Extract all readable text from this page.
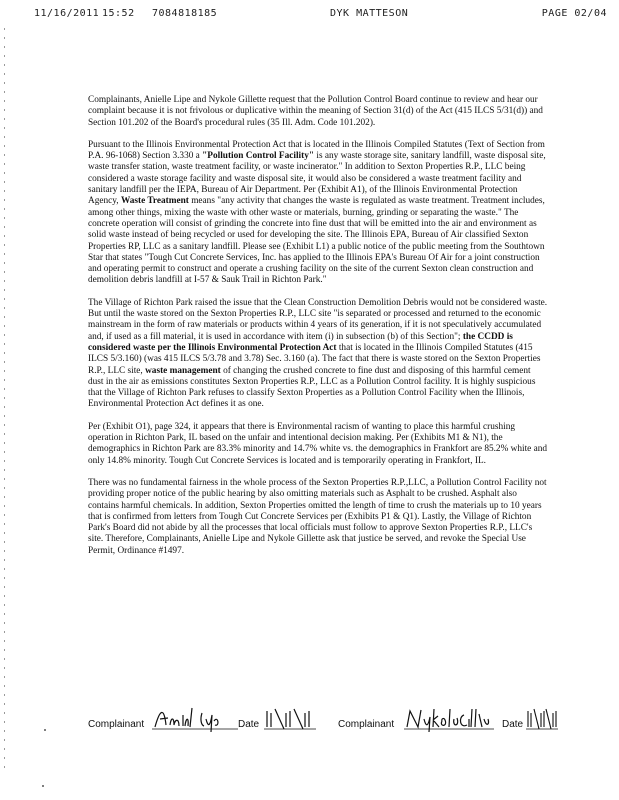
11/16/2011 15:52 7084818185	DYK MATTESON	PAGE 02/04

Complainants, Anielle Lipe and Nykole Gillette request that the Pollution Control Board continue to review and hear our complaint because it is not frivolous or duplicative within the meaning of Section 31(d) of the Act (415 ILCS 5/31(d)) and Section 101.202 of the Board's procedural rules (35 Ill. Adm. Code 101.202).

Pursuant to the Illinois Environmental Protection Act that is located in the Illinois Compiled Statutes (Text of Section from P.A. 96-1068) Section 3.330 a "Pollution Control Facility" is any waste storage site, sanitary landfill, waste disposal site, waste transfer station, waste treatment facility, or waste incinerator." In addition to Sexton Properties R.P., LLC being considered a waste storage facility and waste disposal site, it would also be considered a waste treatment facility and sanitary landfill per the IEPA, Bureau of Air Department. Per (Exhibit A1), of the Illinois Environmental Protection Agency, Waste Treatment means "any activity that changes the waste is regulated as waste treatment. Treatment includes, among other things, mixing the waste with other waste or materials, burning, grinding or separating the waste." The concrete operation will consist of grinding the concrete into fine dust that will be emitted into the air and environment as solid waste instead of being recycled or used for developing the site. The Illinois EPA, Bureau of Air classified Sexton Properties RP, LLC as a sanitary landfill. Please see (Exhibit L1) a public notice of the public meeting from the Southtown Star that states "Tough Cut Concrete Services, Inc. has applied to the Illinois EPA's Bureau Of Air for a joint construction and operating permit to construct and operate a crushing facility on the site of the current Sexton clean construction and demolition debris landfill at I-57 & Sauk Trail in Richton Park."

The Village of Richton Park raised the issue that the Clean Construction Demolition Debris would not be considered waste. But until the waste stored on the Sexton Properties R.P., LLC site "is separated or processed and returned to the economic mainstream in the form of raw materials or products within 4 years of its generation, if it is not speculatively accumulated and, if used as a fill material, it is used in accordance with item (i) in subsection (b) of this Section"; the CCDD is considered waste per the Illinois Environmental Protection Act that is located in the Illinois Compiled Statutes (415 ILCS 5/3.160) (was 415 ILCS 5/3.78 and 3.78) Sec. 3.160 (a). The fact that there is waste stored on the Sexton Properties R.P., LLC site, waste management of changing the crushed concrete to fine dust and disposing of this harmful cement dust in the air as emissions constitutes Sexton Properties R.P., LLC as a Pollution Control facility. It is highly suspicious that the Village of Richton Park refuses to classify Sexton Properties as a Pollution Control Facility when the Illinois, Environmental Protection Act defines it as one.

Per (Exhibit O1), page 324, it appears that there is Environmental racism of wanting to place this harmful crushing operation in Richton Park, IL based on the unfair and intentional decision making. Per (Exhibits M1 & N1), the demographics in Richton Park are 83.3% minority and 14.7% white vs. the demographics in Frankfort are 85.2% white and only 14.8% minority. Tough Cut Concrete Services is located and is temporarily operating in Frankfort, IL.

There was no fundamental fairness in the whole process of the Sexton Properties R.P.,LLC, a Pollution Control Facility not providing proper notice of the public hearing by also omitting materials such as Asphalt to be crushed. Asphalt also contains harmful chemicals. In addition, Sexton Properties omitted the length of time to crush the materials up to 10 years that is confirmed from letters from Tough Cut Concrete Services per (Exhibits P1 & Q1). Lastly, the Village of Richton Park's Board did not abide by all the processes that local officials must follow to approve Sexton Properties R.P., LLC's site. Therefore, Complainants, Anielle Lipe and Nykole Gillette ask that justice be served, and revoke the Special Use Permit, Ordinance #1497.

Complainant	Date	Complainant	Date
